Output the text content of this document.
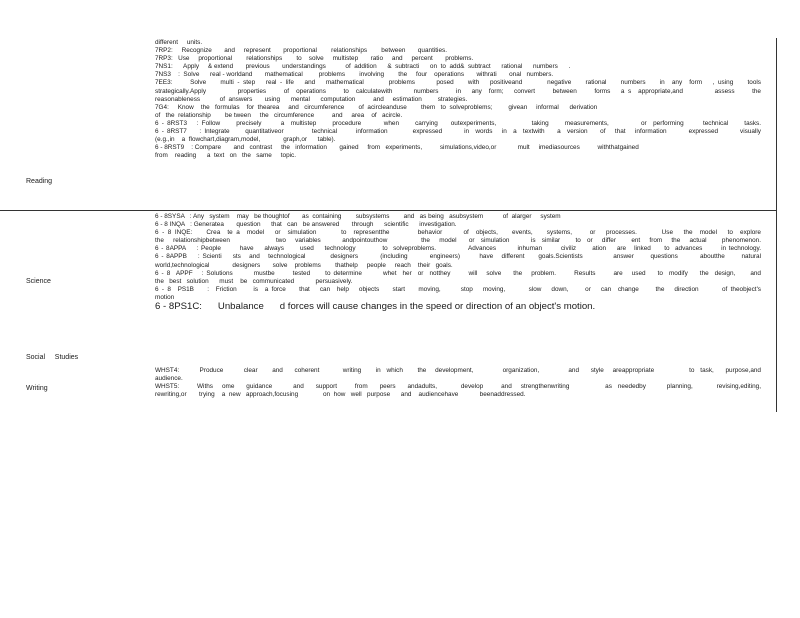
Reading
Science
Social     Studies
Writing
different     units.
7RP2:     Recognize       and     represent       proportional        relationships        between       quantities.
7RP3:   Use     proportional        relationships        to    solve     multistep       ratio     and     percent       problems.
7NS1:      Apply     & extend       previous       understandings           of  addition      &  subtracti      on  to  add&  subtract      rational      numbers      .
7NS3    :  Solve      real - worldand       mathematical         problems        involving        the     four    operations       withrati       onal   numbers.
7EE3:     Solve    multi - step   real - life   and   mathematical       problems      posed    with   positiveand       negative    rational    numbers    in  any  form   , using    tools
strategically.Apply         properties     of  operations     to  calculatewith      numbers     in   any  form;   convert     between     forms   a s  appropriate,and         assess     the
reasonableness           of  answers       using      mental      computation          and     estimation         strategies.
7G4:     Know    the   formulas    for  thearea     and   circumference        of  acircleanduse        them   to  solveproblems;         givean     informal      derivation
of   the  relationship        be tween     the   circumference          and     area    of   acircle.
6 - 8RST3   : Follow     precisely      a  multistep     procedure       when     carrying    outexperiments,           taking     measurements,          or  performing      technical     tasks.
6 - 8RST7    : Integrate     quantitativeor         technical      information        expressed       in  words   in  a  textwith    a  version    of   that   information       expressed       visually
(e.g.,in    a  flowchart,diagram,model,             graph,or      table).
6 - 8RST9    : Compare       and   contrast     the   information       gained     from   experiments,          simulations,video,or            mult     imediasources          withthatgained
from    reading      a  text   on   the   same     topic.
6 - 8SYSA   : Any   system    may   be thoughtof       as  containing        subsystems        and   as being   asubsystem           of  alarger     system
6 - 8 INQA   : Generatea       question      that   can   be answered       through      scientific      investigation.
6 - 8 INQE:    Crea  te a  model   or  simulation       to  representthe        behavior      of  objects,    events,    systems,     or   processes.       Use   the  model   to  explore
the   relationshipbetween               two   variables       andpointouthow           the   model    or  simulation       is  similar     to  or   differ     ent   from   the   actual     phenomenon.
6 - 8APPA    : People       have    always      used    technology          to  solveproblems.            Advances        inhuman       civiliz      ation    are   linked     to  advances       in technology.
6 - 8APPB    : Scienti    sts   and   technological         designers        (including        engineers)       have   different     goals.Scientists           answer      questions        aboutthe      natural
world,technological             designers       solve    problems        thathelp     people     reach    their   goals.
6 - 8  APPF   : Solutions       mustbe      tested     to determine       whet  her  or  notthey      will   solve    the   problem.      Results      are   used    to  modify    the  design,     and
the   best   solution      must    be   communicated            persuasively.
6 - 8  PS1B    :  Friction     is  a force    that   can  help   objects    start    moving,      stop   moving,       slow   down,     or   can  change     the   direction       of theobject's
motion
6 - 8PS1C:      Unbalance      d forces will cause changes in the speed or direction of an object's motion.
WHST4:       Produce       clear     and    coherent        writing     in  which     the   development,          organization,          and    style   areappropriate            to  task,    purpose,and
audience.
WHST5:      Withs   ome    guidance       and    support      from    peers    andadults,        develop      and   strengthenwriting            as  neededby       planning,        revising,editing,
rewriting,or       trying    a  new   approach,focusing              on  how   well   purpose      and    audiencehave            beenaddressed.
